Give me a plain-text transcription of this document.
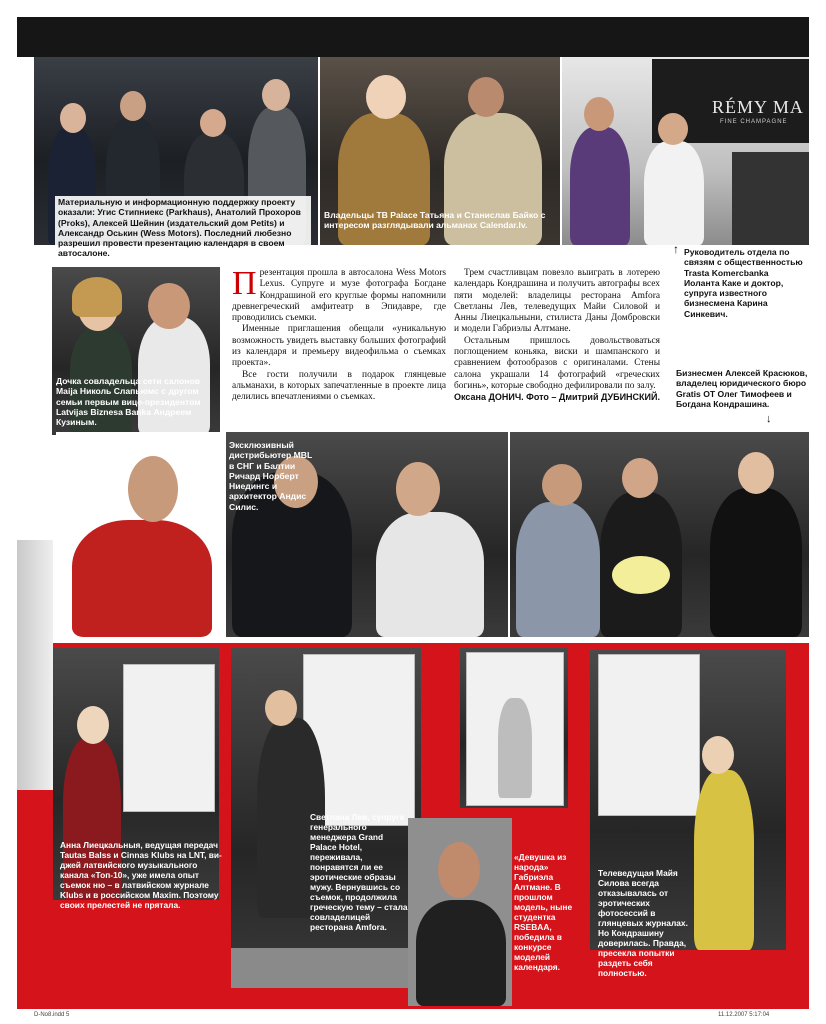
Материальную и информационную поддержку проекту оказали: Угис Стипниекс (Parkhaus), Анатолий Прохоров (Proks), Алексей Шейнин (издательский дом Petits) и Александр Оськин (Wess Motors). Последний любезно разрешил провести презентацию календаря в своем автосалоне.
Владельцы TB Palace Татьяна и Станислав Байко с интересом разглядывали альманах Calendar.lv.
RÉMY MA
FINE CHAMPAGNE
Дочка совладельца сети салонов Мaija Николь Слапьюмс с другом семьи первым вице-президентом Latvijas Biznesa Banka Андреем Кузиным.
П резентация прошла в автосалона Wess Motors Lexus. Супруге и музе фотографа Богдане Кондрашиной его круглые формы напомнили древнегреческий амфитеатр в Эпидавре, где проводились съемки.

Именные приглашения обещали «уникальную возможность увидеть выставку больших фотографий из календаря и премьеру видеофильма о съемках проекта».

Все гости получили в подарок глянцевые альманахи, в которых запечатленные в проекте лица делились впечатлениями о съемках.

Трем счастливцам повезло выиграть в лотерею календарь Кондрашина и получить автографы всех пяти моделей: владелицы ресторана Amfora Светланы Лев, телеведущих Майи Силовой и Анны Лиецкальныни, стилиста Даны Домбровски и модели Габриэлы Алтмане.

Остальным пришлось довольствоваться поглощением коньяка, виски и шампанского и сравнением фотообразов с оригиналами. Стены салона украшали 14 фотографий «греческих богинь», которые свободно дефилировали по залу.

Оксана ДОНИЧ. Фото – Дмитрий ДУБИНСКИЙ.
↑ Руководитель отдела по связям с общественностью Trasta Komercbanka Иоланта Каке и доктор, супруга известного бизнесмена Карина Синкевич.
Бизнесмен Алексей Красюков, владелец юридического бюро Gratis OT Олег Тимофеев и Богдана Кондрашина.
↓
Эксклюзивный дистрибьютер MBL в СНГ и Балтии Ричард Норберт Ниедингс и архитектор Андис Силис.
Анна Лиецкальныя, ведущая передач Tautas Balss и Cinnas Klubs на LNT, ви-джей латвийского музыкального канала «Топ-10», уже имела опыт съемок ню – в латвийском журнале Klubs и в российском Maxim. Поэтому своих прелестей не прятала.
Светлана Лев, супруга генерального менеджера Grand Palace Hotel, переживала, понравятся ли ее эротические образы мужу. Вернувшись со съемок, продолжила греческую тему – стала совладелицей ресторана Amfora.
«Девушка из народа» Габриэла Алтмане. В прошлом модель, ныне студентка RSEBAA, победила в конкурсе моделей календаря.
Телеведущая Майя Силова всегда отказывалась от эротических фотосессий в глянцевых журналах. Но Кондрашину доверилась. Правда, пресекла попытки раздеть себя полностью.
D-No8.indd 5	11.12.2007 5:17:04
